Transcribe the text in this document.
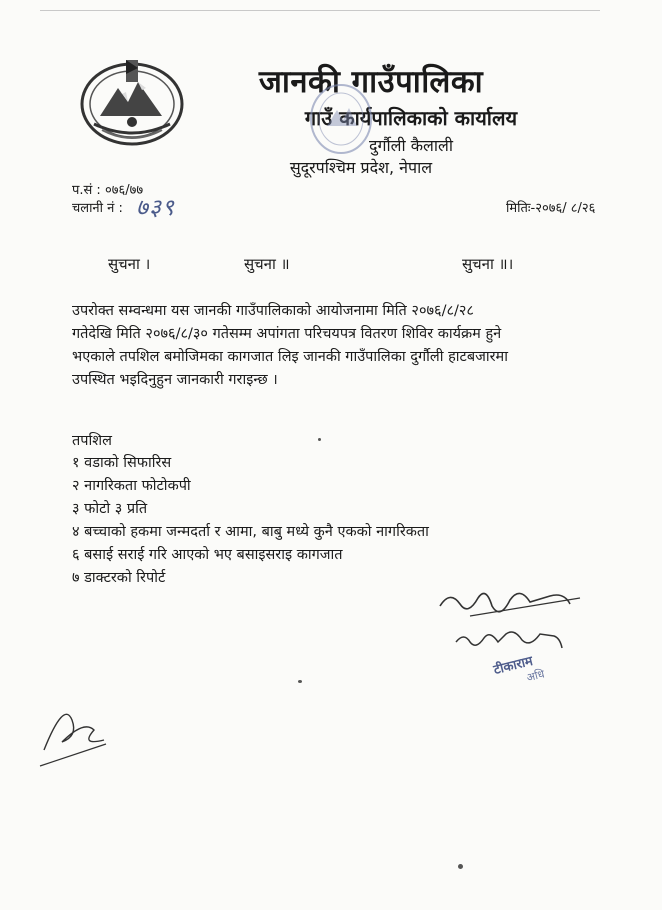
जानकी गाउँपालिका
गाउँ कार्यपालिकाको कार्यालय
दुर्गौली कैलाली
सुदूरपश्चिम प्रदेश, नेपाल
प.सं : ०७६/७७
चलानी नं : ७३९	मितिः-२०७६/ ८/२६
सुचना ।	सुचना ॥	सुचना ॥।
उपरोक्त सम्वन्धमा यस जानकी गाउँपालिकाको आयोजनामा मिति २०७६/८/२८
गतेदेखि मिति २०७६/८/३० गतेसम्म अपांगता परिचयपत्र वितरण शिविर कार्यक्रम हुने
भएकाले तपशिल बमोजिमका कागजात लिइ जानकी गाउँपालिका दुर्गौली हाटबजारमा
उपस्थित भइदिनुहुन जानकारी गराइन्छ ।
तपशिल
१ वडाको सिफारिस
२ नागरिकता फोटोकपी
३ फोटो ३ प्रति
४ बच्चाको हकमा जन्मदर्ता र आमा, बाबु मध्ये कुनै एकको नागरिकता
६ बसाई सराई गरि आएको भए बसाइसराइ कागजात
७ डाक्टरको रिपोर्ट
टीकाराम
अधि
